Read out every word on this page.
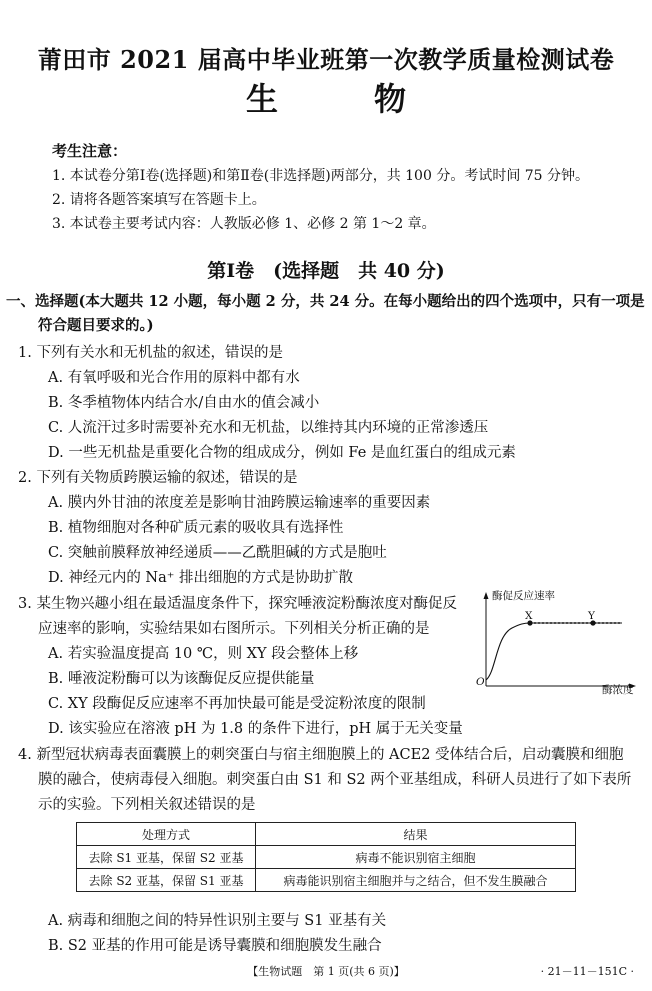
莆田市 2021 届高中毕业班第一次教学质量检测试卷
生	物
考生注意：
1. 本试卷分第Ⅰ卷(选择题)和第Ⅱ卷(非选择题)两部分，共 100 分。考试时间 75 分钟。
2. 请将各题答案填写在答题卡上。
3. 本试卷主要考试内容：人教版必修 1、必修 2 第 1～2 章。
第Ⅰ卷　(选择题　共 40 分)
一、选择题(本大题共 12 小题，每小题 2 分，共 24 分。在每小题给出的四个选项中，只有一项是
符合题目要求的。)
1. 下列有关水和无机盐的叙述，错误的是
A. 有氧呼吸和光合作用的原料中都有水
B. 冬季植物体内结合水/自由水的值会减小
C. 人流汗过多时需要补充水和无机盐，以维持其内环境的正常渗透压
D. 一些无机盐是重要化合物的组成成分，例如 Fe 是血红蛋白的组成元素
2. 下列有关物质跨膜运输的叙述，错误的是
A. 膜内外甘油的浓度差是影响甘油跨膜运输速率的重要因素
B. 植物细胞对各种矿质元素的吸收具有选择性
C. 突触前膜释放神经递质——乙酰胆碱的方式是胞吐
D. 神经元内的 Na⁺ 排出细胞的方式是协助扩散
3. 某生物兴趣小组在最适温度条件下，探究唾液淀粉酶浓度对酶促反
应速率的影响，实验结果如右图所示。下列相关分析正确的是
A. 若实验温度提高 10 ℃，则 XY 段会整体上移
B. 唾液淀粉酶可以为该酶促反应提供能量
C. XY 段酶促反应速率不再加快最可能是受淀粉浓度的限制
D. 该实验应在溶液 pH 为 1.8 的条件下进行，pH 属于无关变量
酶促反应速率
酶浓度
O
X	Y
4. 新型冠状病毒表面囊膜上的刺突蛋白与宿主细胞膜上的 ACE2 受体结合后，启动囊膜和细胞
膜的融合，使病毒侵入细胞。刺突蛋白由 S1 和 S2 两个亚基组成，科研人员进行了如下表所
示的实验。下列相关叙述错误的是
处理方式	结果
去除 S1 亚基，保留 S2 亚基	病毒不能识别宿主细胞
去除 S2 亚基，保留 S1 亚基	病毒能识别宿主细胞并与之结合，但不发生膜融合
A. 病毒和细胞之间的特异性识别主要与 S1 亚基有关
B. S2 亚基的作用可能是诱导囊膜和细胞膜发生融合
【生物试题　第 1 页(共 6 页)】	· 21－11－151C ·
